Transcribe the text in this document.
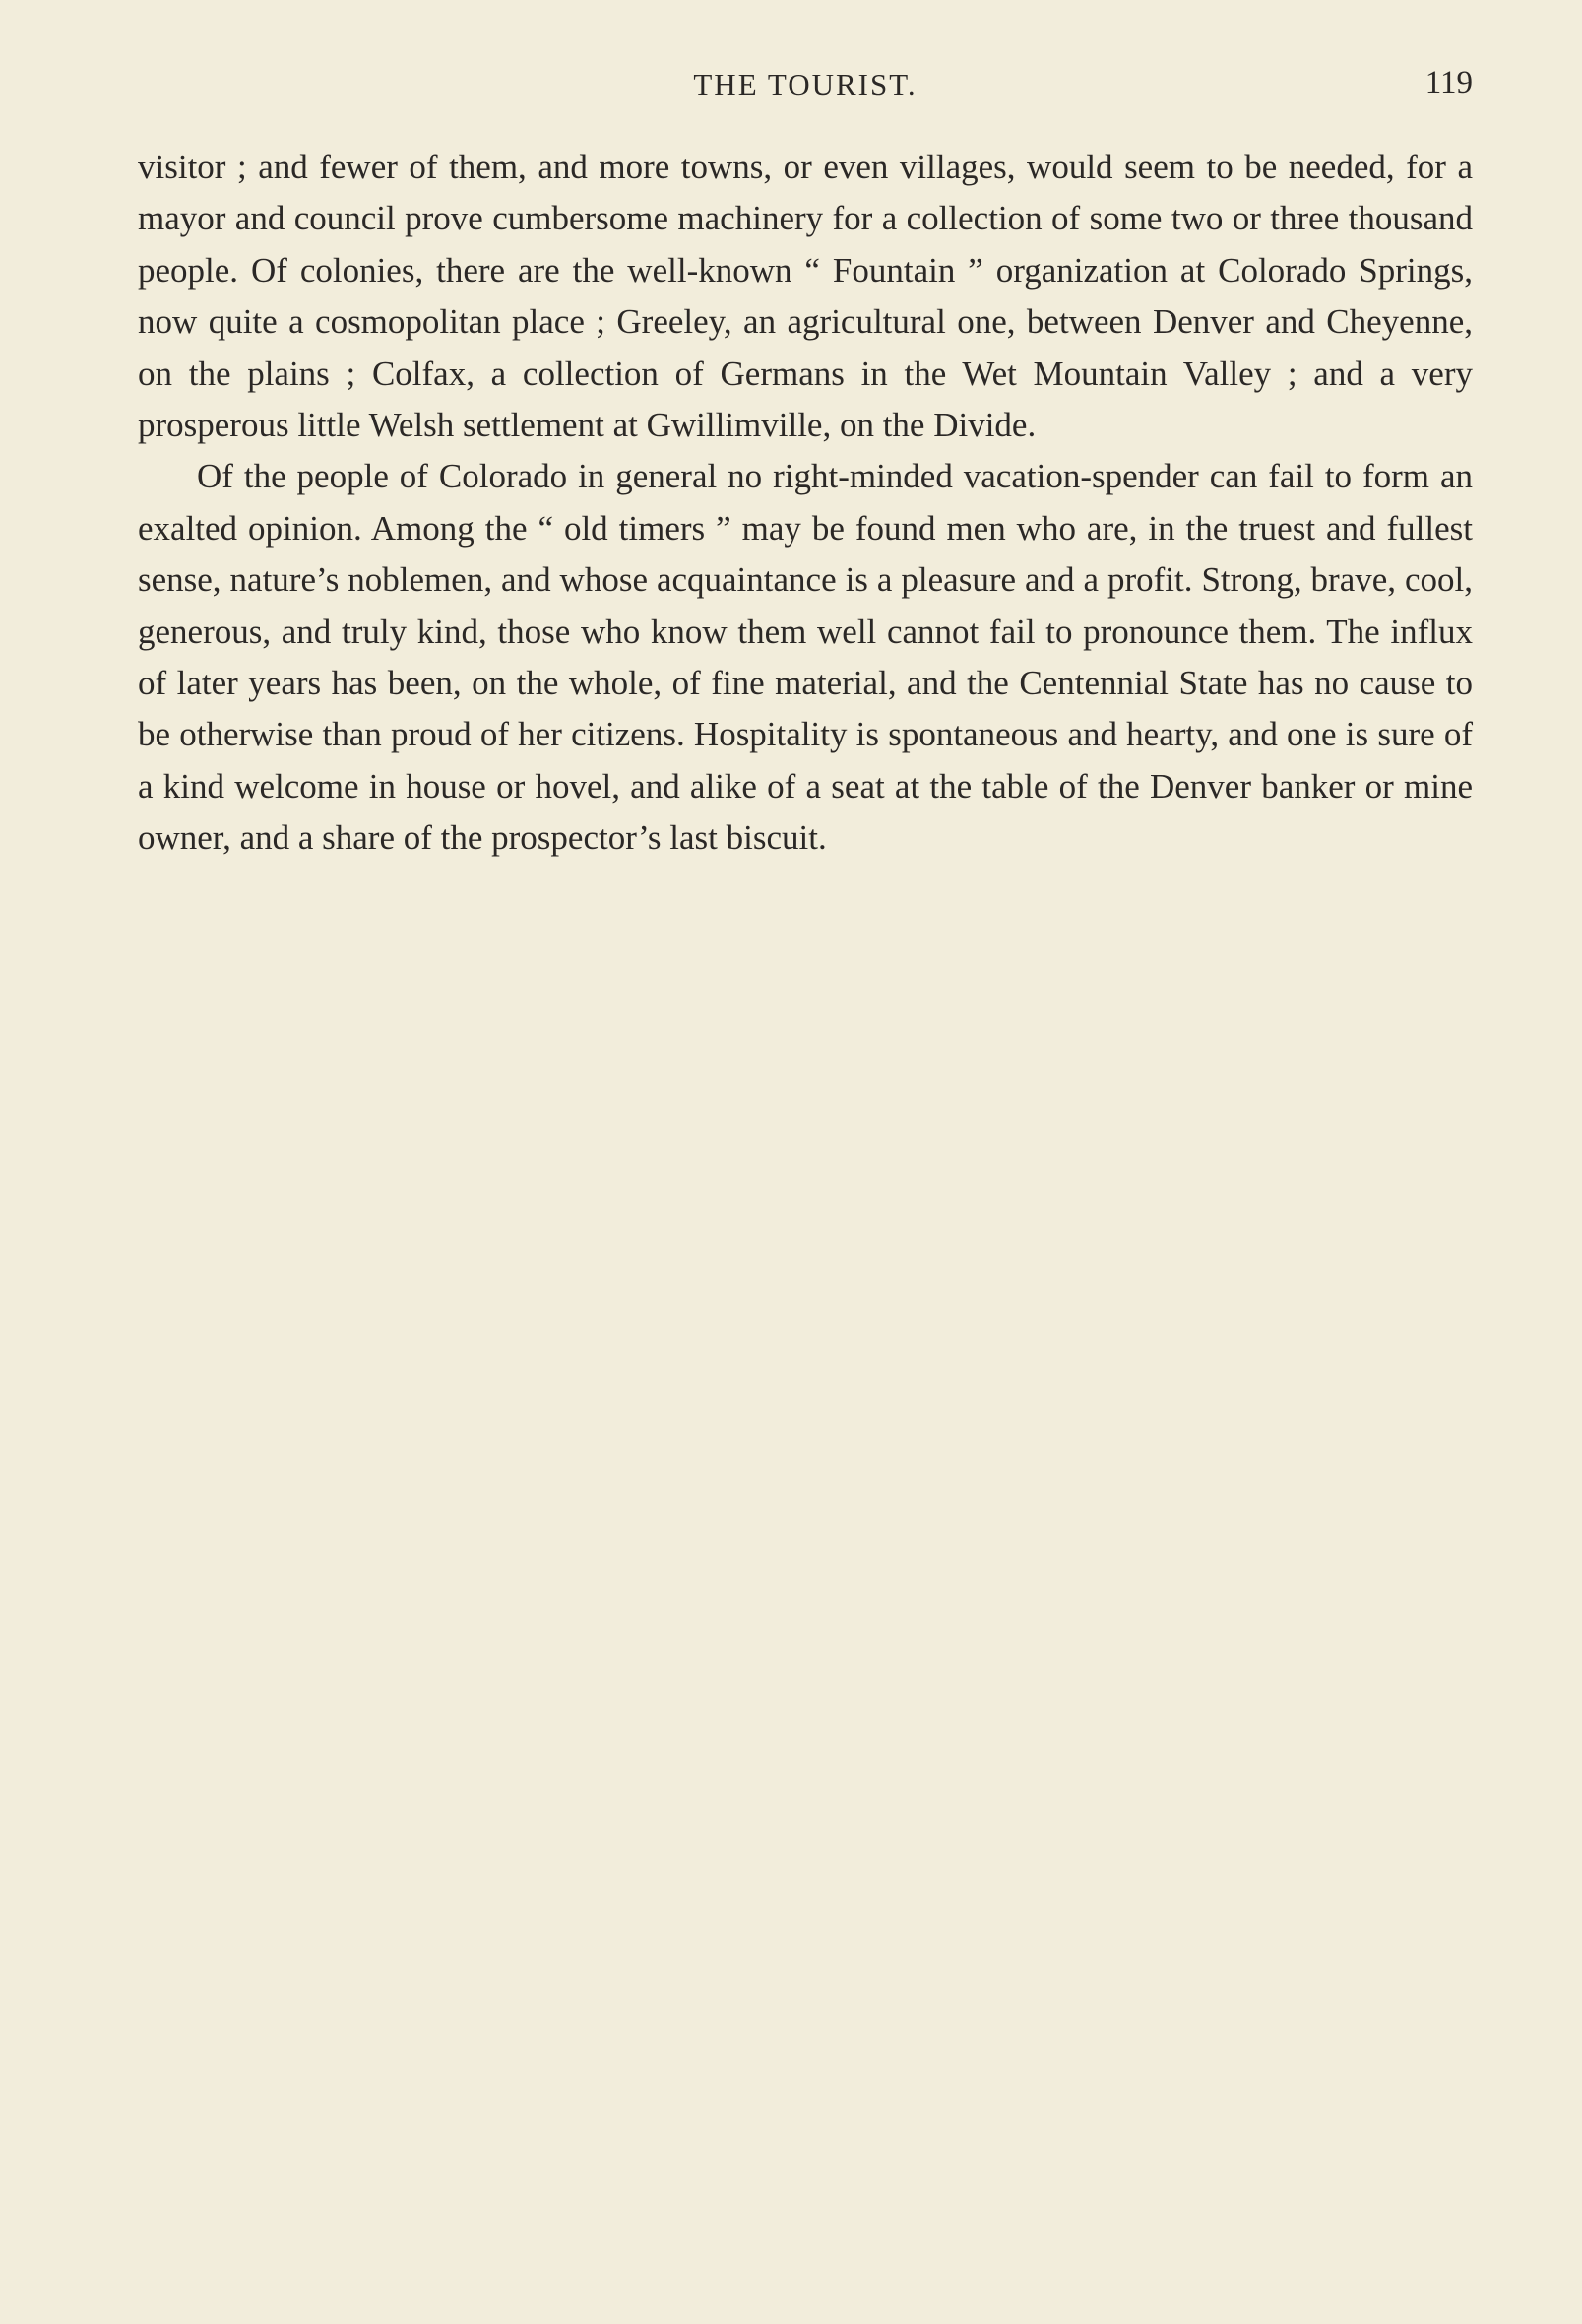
THE TOURIST.	119

visitor ; and fewer of them, and more towns, or even villages, would seem to be needed, for a mayor and council prove cumbersome machinery for a collection of some two or three thousand people. Of colonies, there are the well-known “ Fountain ” organization at Colorado Springs, now quite a cosmopolitan place ; Greeley, an agricultural one, between Denver and Cheyenne, on the plains ; Colfax, a collection of Germans in the Wet Mountain Valley ; and a very prosperous little Welsh settlement at Gwillimville, on the Divide.

Of the people of Colorado in general no right-minded vacation-spender can fail to form an exalted opinion. Among the “ old timers ” may be found men who are, in the truest and fullest sense, nature’s noblemen, and whose acquaintance is a pleasure and a profit. Strong, brave, cool, generous, and truly kind, those who know them well cannot fail to pronounce them. The influx of later years has been, on the whole, of fine material, and the Centennial State has no cause to be otherwise than proud of her citizens. Hospitality is spontaneous and hearty, and one is sure of a kind welcome in house or hovel, and alike of a seat at the table of the Denver banker or mine owner, and a share of the prospector’s last biscuit.
